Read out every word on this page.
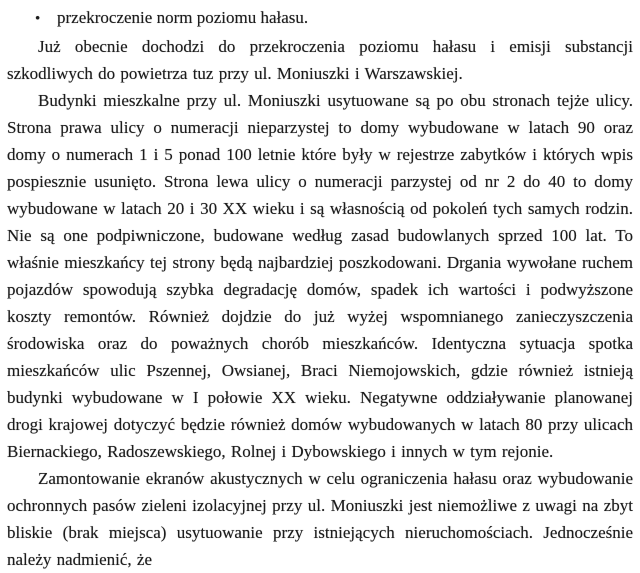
• przekroczenie norm poziomu hałasu.

Już obecnie dochodzi do przekroczenia poziomu hałasu i emisji substancji szkodliwych do powietrza tuz przy ul. Moniuszki i Warszawskiej.

Budynki mieszkalne przy ul. Moniuszki usytuowane są po obu stronach tejże ulicy. Strona prawa ulicy o numeracji nieparzystej to domy wybudowane w latach 90 oraz domy o numerach 1 i 5 ponad 100 letnie które były w rejestrze zabytków i których wpis pospiesznie usunięto. Strona lewa ulicy o numeracji parzystej od nr 2 do 40 to domy wybudowane w latach 20 i 30 XX wieku i są własnością od pokoleń tych samych rodzin. Nie są one podpiwniczone, budowane według zasad budowlanych sprzed 100 lat. To właśnie mieszkańcy tej strony będą najbardziej poszkodowani. Drgania wywołane ruchem pojazdów spowodują szybka degradację domów, spadek ich wartości i podwyższone koszty remontów. Również dojdzie do już wyżej wspomnianego zanieczyszczenia środowiska oraz do poważnych chorób mieszkańców. Identyczna sytuacja spotka mieszkańców ulic Pszennej, Owsianej, Braci Niemojowskich, gdzie również istnieją budynki wybudowane w I połowie XX wieku. Negatywne oddziaływanie planowanej drogi krajowej dotyczyć będzie również domów wybudowanych w latach 80 przy ulicach Biernackiego, Radoszewskiego, Rolnej i Dybowskiego i innych w tym rejonie.

Zamontowanie ekranów akustycznych w celu ograniczenia hałasu oraz wybudowanie ochronnych pasów zieleni izolacyjnej przy ul. Moniuszki jest niemożliwe z uwagi na zbyt bliskie (brak miejsca) usytuowanie przy istniejących nieruchomościach. Jednocześnie należy nadmienić, że
